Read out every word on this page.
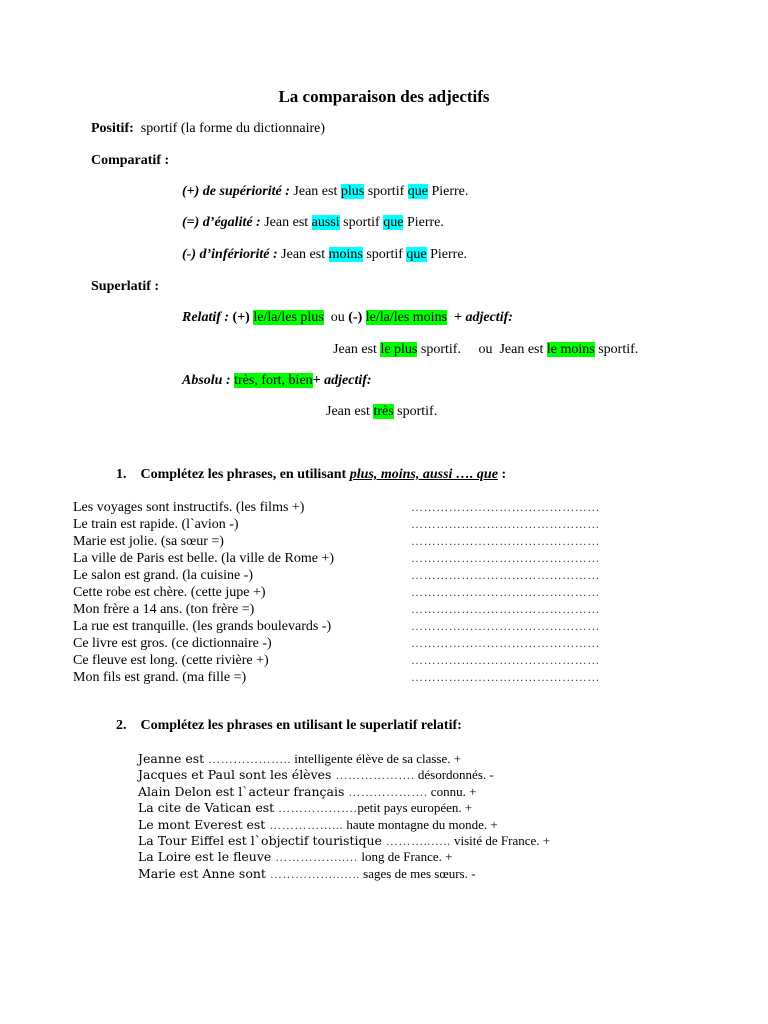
La comparaison des adjectifs
Positif: sportif (la forme du dictionnaire)
Comparatif :
(+) de supériorité : Jean est plus sportif que Pierre.
(=) d’égalité : Jean est aussi sportif que Pierre.
(-) d’infériorité : Jean est moins sportif que Pierre.
Superlatif :
Relatif : (+) le/la/les plus ou (-) le/la/les moins + adjectif:
Jean est le plus sportif.     ou  Jean est le moins sportif.
Absolu : très, fort, bien+ adjectif:
Jean est très sportif.
1. Complétez les phrases, en utilisant plus, moins, aussi …. que :
Les voyages sont instructifs. (les films +)
Le train est rapide. (l`avion -)
Marie est jolie. (sa sœur =)
La ville de Paris est belle. (la ville de Rome +)
Le salon est grand. (la cuisine -)
Cette robe est chère. (cette jupe +)
Mon frère a 14 ans. (ton frère =)
La rue est tranquille. (les grands boulevards -)
Ce livre est gros. (ce dictionnaire -)
Ce fleuve est long. (cette rivière +)
Mon fils est grand. (ma fille =)
………………………………………
………………………………………
………………………………………
………………………………………
………………………………………
………………………………………
………………………………………
………………………………………
………………………………………
………………………………………
………………………………………
2. Complétez les phrases en utilisant le superlatif relatif:
Jeanne est ……………….. intelligente élève de sa classe. +
Jacques et Paul sont les élèves ………………. désordonnés. -
Alain Delon est l`acteur français ………………. connu. +
La cite de Vatican est ……………….petit pays européen. +
Le mont Everest est ……………... haute montagne du monde. +
La Tour Eiffel est l`objectif touristique ………..….. visité de France. +
La Loire est le fleuve ……………..… long de France. +
Marie est Anne sont ……………..….. sages de mes sœurs. -
